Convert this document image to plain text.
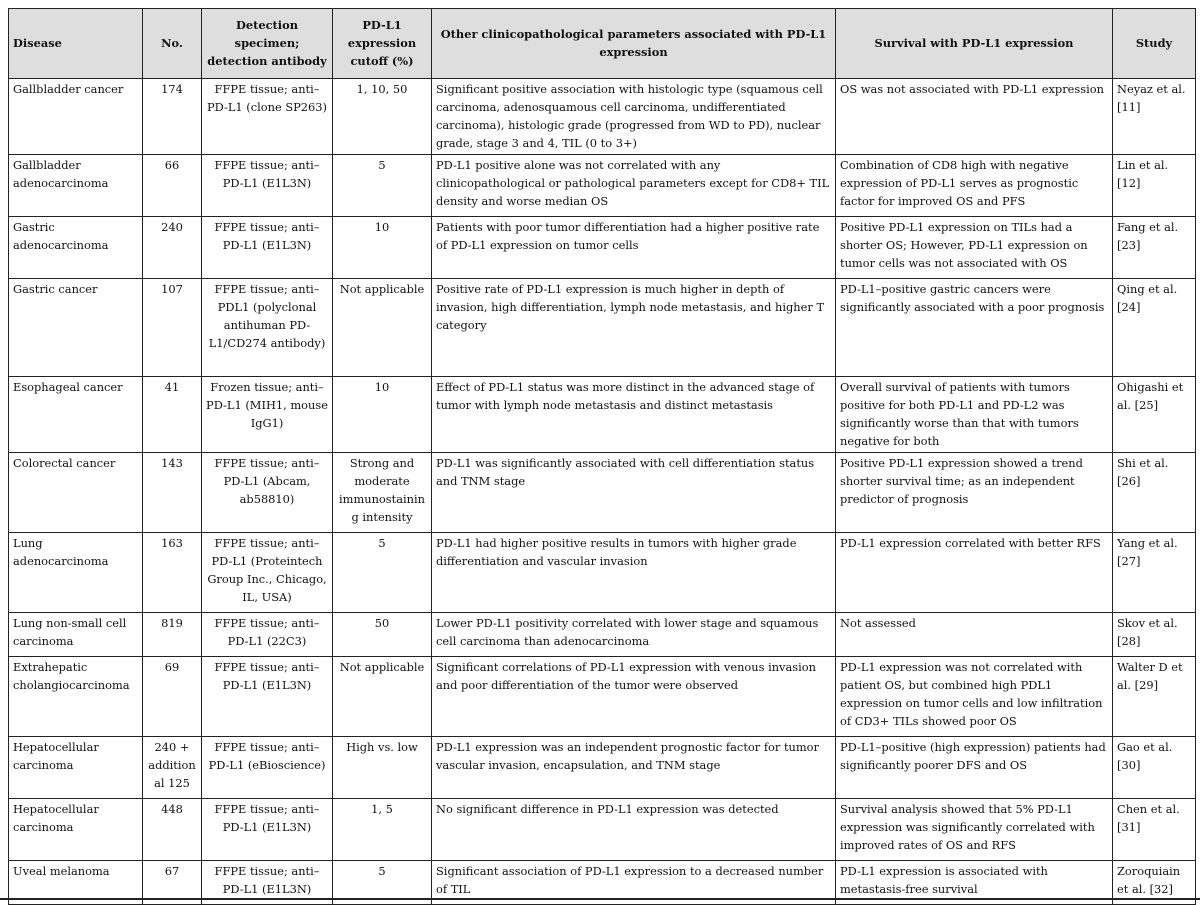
Disease	No.	Detection specimen; detection antibody	PD-L1 expression cutoff (%)	Other clinicopathological parameters associated with PD-L1 expression	Survival with PD-L1 expression	Study
Gallbladder cancer	174	FFPE tissue; anti–PD-L1 (clone SP263)	1, 10, 50	Significant positive association with histologic type (squamous cell carcinoma, adenosquamous cell carcinoma, undifferentiated carcinoma), histologic grade (progressed from WD to PD), nuclear grade, stage 3 and 4, TIL (0 to 3+)	OS was not associated with PD-L1 expression	Neyaz et al. [11]
Gallbladder adenocarcinoma	66	FFPE tissue; anti–PD-L1 (E1L3N)	5	PD-L1 positive alone was not correlated with any clinicopathological or pathological parameters except for CD8+ TIL density and worse median OS	Combination of CD8 high with negative expression of PD-L1 serves as prognostic factor for improved OS and PFS	Lin et al. [12]
Gastric adenocarcinoma	240	FFPE tissue; anti–PD-L1 (E1L3N)	10	Patients with poor tumor differentiation had a higher positive rate of PD-L1 expression on tumor cells	Positive PD-L1 expression on TILs had a shorter OS; However, PD-L1 expression on tumor cells was not associated with OS	Fang et al. [23]
Gastric cancer	107	FFPE tissue; anti–PDL1 (polyclonal antihuman PD-L1/CD274 antibody)	Not applicable	Positive rate of PD-L1 expression is much higher in depth of invasion, high differentiation, lymph node metastasis, and higher T category	PD-L1–positive gastric cancers were significantly associated with a poor prognosis	Qing et al. [24]
Esophageal cancer	41	Frozen tissue; anti–PD-L1 (MIH1, mouse IgG1)	10	Effect of PD-L1 status was more distinct in the advanced stage of tumor with lymph node metastasis and distinct metastasis	Overall survival of patients with tumors positive for both PD-L1 and PD-L2 was significantly worse than that with tumors negative for both	Ohigashi et al. [25]
Colorectal cancer	143	FFPE tissue; anti–PD-L1 (Abcam, ab58810)	Strong and moderate immunostaining intensity	PD-L1 was significantly associated with cell differentiation status and TNM stage	Positive PD-L1 expression showed a trend shorter survival time; as an independent predictor of prognosis	Shi et al. [26]
Lung adenocarcinoma	163	FFPE tissue; anti–PD-L1 (Proteintech Group Inc., Chicago, IL, USA)	5	PD-L1 had higher positive results in tumors with higher grade differentiation and vascular invasion	PD-L1 expression correlated with better RFS	Yang et al. [27]
Lung non-small cell carcinoma	819	FFPE tissue; anti–PD-L1 (22C3)	50	Lower PD-L1 positivity correlated with lower stage and squamous cell carcinoma than adenocarcinoma	Not assessed	Skov et al. [28]
Extrahepatic cholangiocarcinoma	69	FFPE tissue; anti–PD-L1 (E1L3N)	Not applicable	Significant correlations of PD-L1 expression with venous invasion and poor differentiation of the tumor were observed	PD-L1 expression was not correlated with patient OS, but combined high PDL1 expression on tumor cells and low infiltration of CD3+ TILs showed poor OS	Walter D et al. [29]
Hepatocellular carcinoma	240 + additional 125	FFPE tissue; anti–PD-L1 (eBioscience)	High vs. low	PD-L1 expression was an independent prognostic factor for tumor vascular invasion, encapsulation, and TNM stage	PD-L1–positive (high expression) patients had significantly poorer DFS and OS	Gao et al. [30]
Hepatocellular carcinoma	448	FFPE tissue; anti–PD-L1 (E1L3N)	1, 5	No significant difference in PD-L1 expression was detected	Survival analysis showed that 5% PD-L1 expression was significantly correlated with improved rates of OS and RFS	Chen et al. [31]
Uveal melanoma	67	FFPE tissue; anti–PD-L1 (E1L3N)	5	Significant association of PD-L1 expression to a decreased number of TIL	PD-L1 expression is associated with metastasis-free survival	Zoroquiain et al. [32]
